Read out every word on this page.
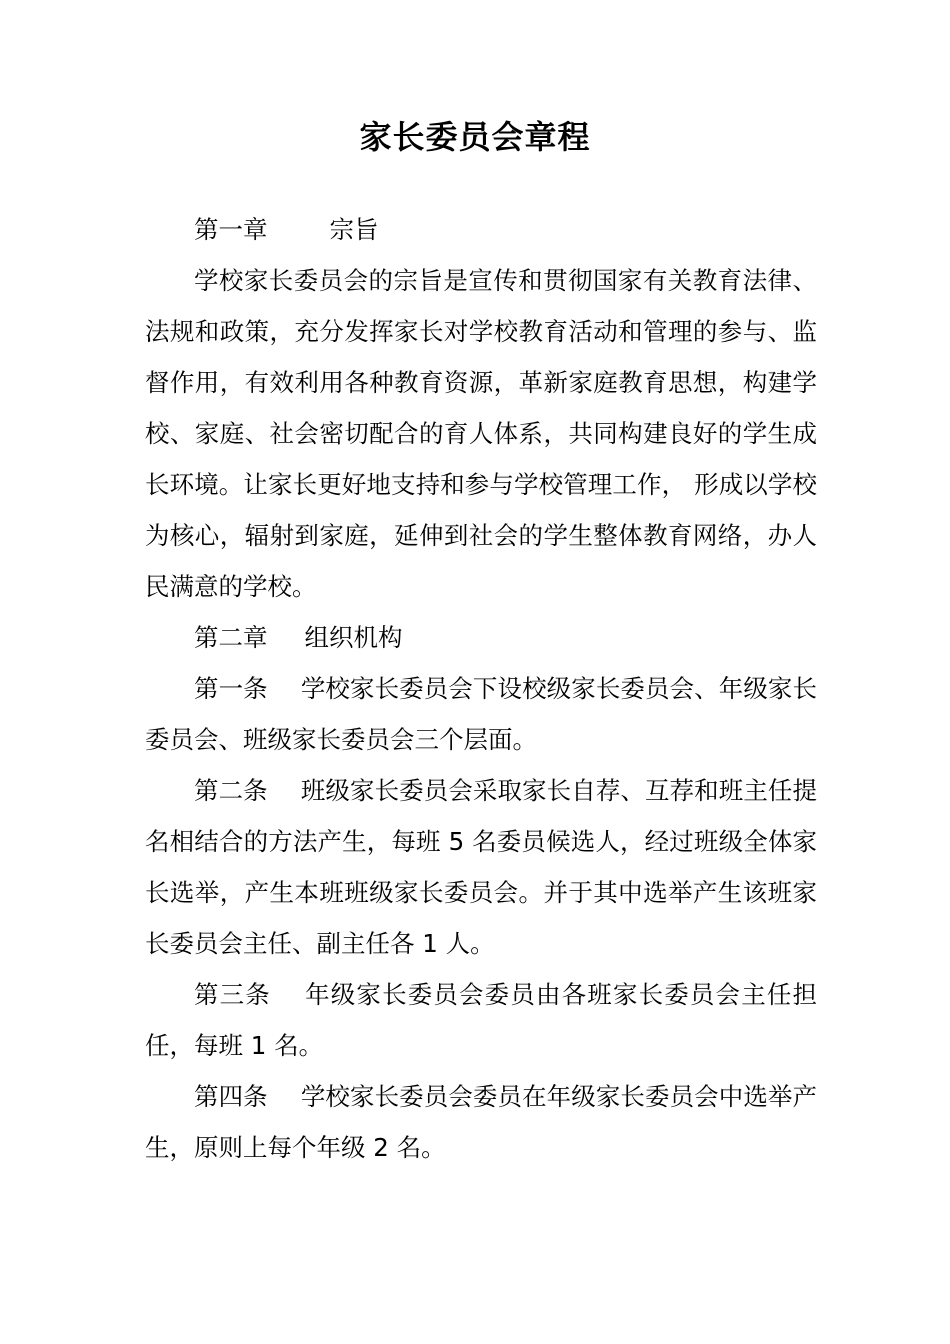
家长委员会章程

第一章	宗旨

学校家长委员会的宗旨是宣传和贯彻国家有关教育法律、法规和政策，充分发挥家长对学校教育活动和管理的参与、监督作用，有效利用各种教育资源，革新家庭教育思想，构建学校、家庭、社会密切配合的育人体系，共同构建良好的学生成长环境。让家长更好地支持和参与学校管理工作， 形成以学校为核心，辐射到家庭，延伸到社会的学生整体教育网络，办人民满意的学校。

第二章 组织机构

第一条 学校家长委员会下设校级家长委员会、年级家长委员会、班级家长委员会三个层面。

第二条 班级家长委员会采取家长自荐、互荐和班主任提名相结合的方法产生，每班 5 名委员候选人，经过班级全体家长选举，产生本班班级家长委员会。并于其中选举产生该班家长委员会主任、副主任各 1 人。

第三条 年级家长委员会委员由各班家长委员会主任担任，每班 1 名。

第四条 学校家长委员会委员在年级家长委员会中选举产生，原则上每个年级 2 名。
